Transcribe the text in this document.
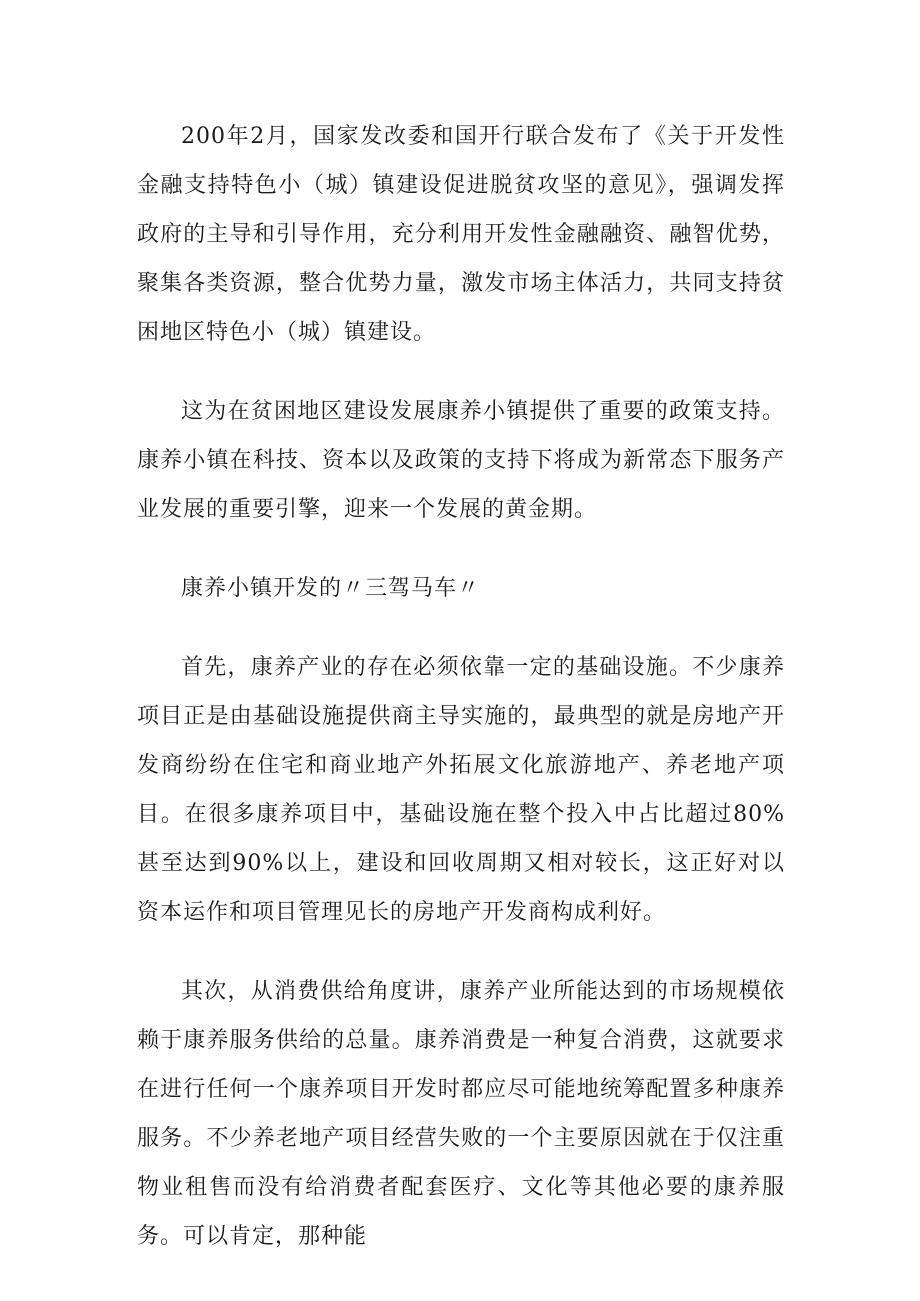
200年2月，国家发改委和国开行联合发布了《关于开发性金融支持特色小（城）镇建设促进脱贫攻坚的意见》，强调发挥政府的主导和引导作用，充分利用开发性金融融资、融智优势，聚集各类资源，整合优势力量，激发市场主体活力，共同支持贫困地区特色小（城）镇建设。

这为在贫困地区建设发展康养小镇提供了重要的政策支持。康养小镇在科技、资本以及政策的支持下将成为新常态下服务产业发展的重要引擎，迎来一个发展的黄金期。

康养小镇开发的〃三驾马车〃

首先，康养产业的存在必须依靠一定的基础设施。不少康养项目正是由基础设施提供商主导实施的，最典型的就是房地产开发商纷纷在住宅和商业地产外拓展文化旅游地产、养老地产项目。在很多康养项目中，基础设施在整个投入中占比超过80%甚至达到90%以上，建设和回收周期又相对较长，这正好对以资本运作和项目管理见长的房地产开发商构成利好。

其次，从消费供给角度讲，康养产业所能达到的市场规模依赖于康养服务供给的总量。康养消费是一种复合消费，这就要求在进行任何一个康养项目开发时都应尽可能地统筹配置多种康养服务。不少养老地产项目经营失败的一个主要原因就在于仅注重物业租售而没有给消费者配套医疗、文化等其他必要的康养服务。可以肯定，那种能
